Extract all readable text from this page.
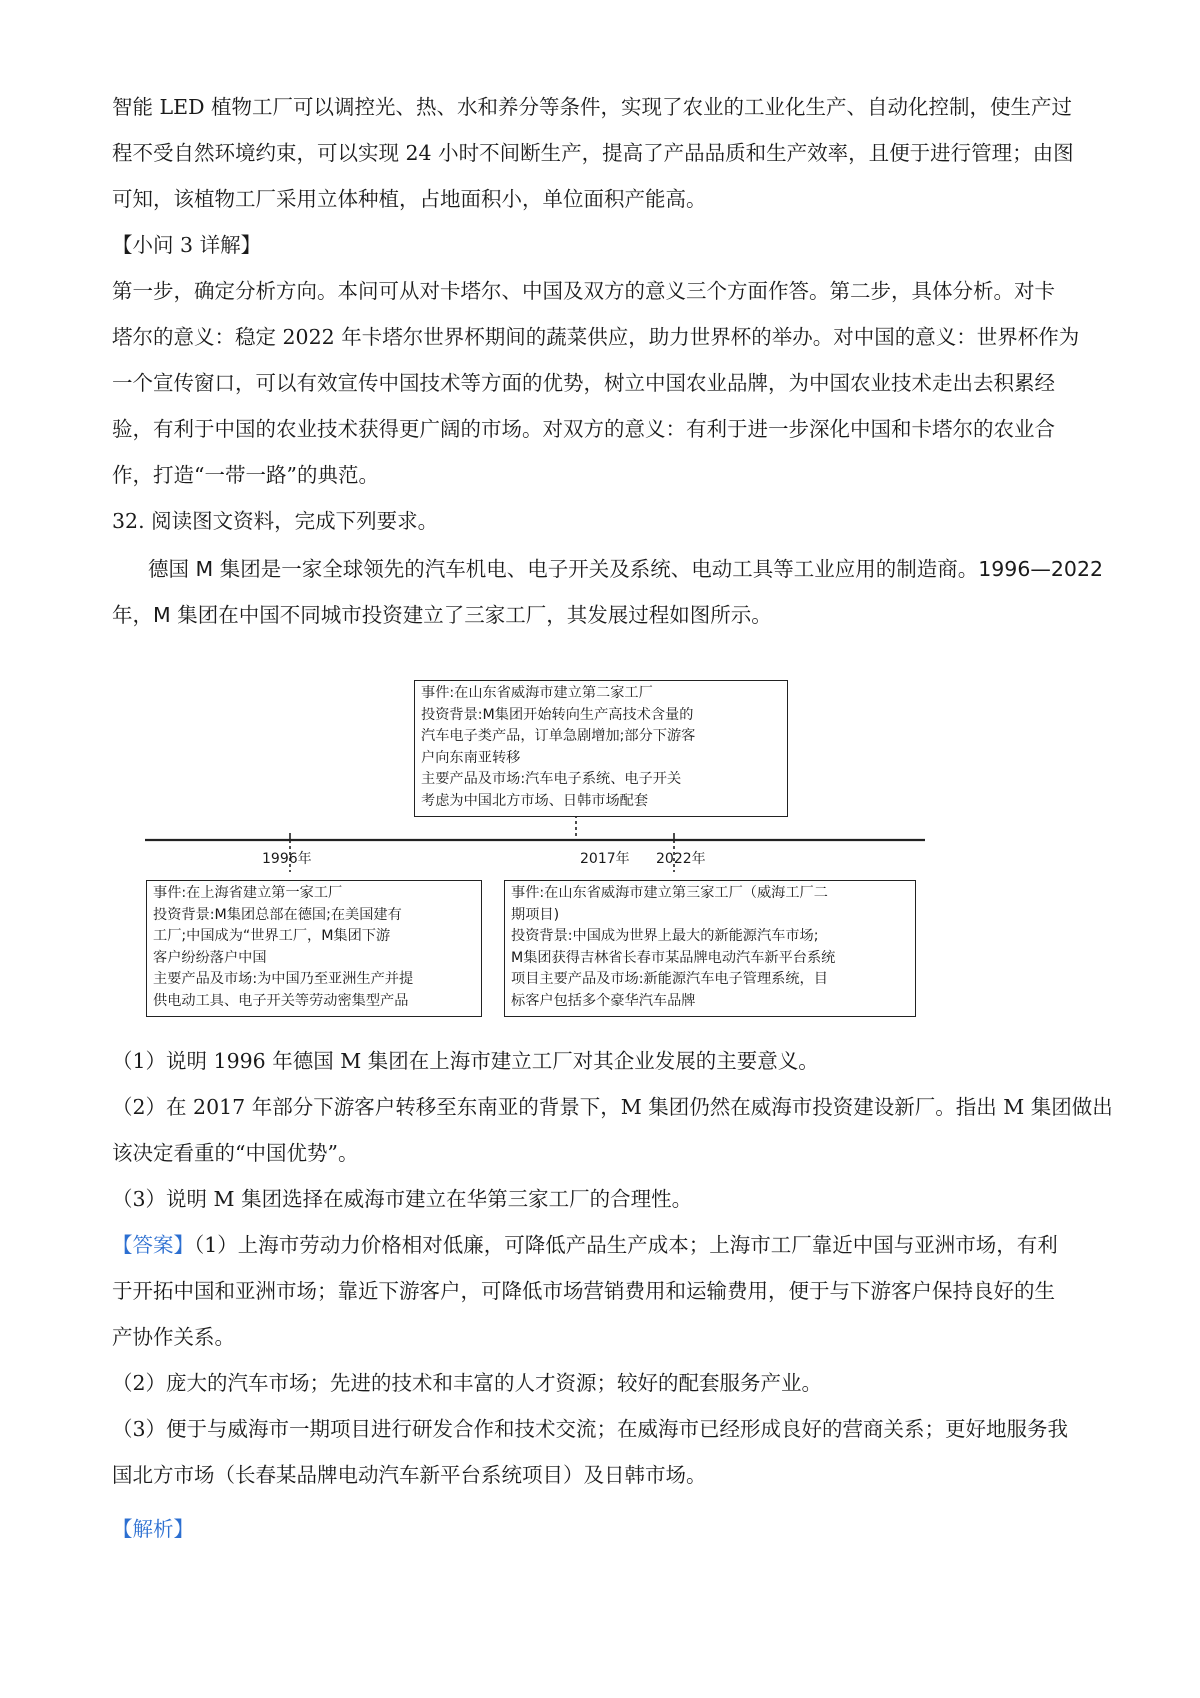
智能 LED 植物工厂可以调控光、热、水和养分等条件，实现了农业的工业化生产、自动化控制，使生产过
程不受自然环境约束，可以实现 24 小时不间断生产，提高了产品品质和生产效率，且便于进行管理；由图
可知，该植物工厂采用立体种植，占地面积小，单位面积产能高。
【小问 3 详解】
第一步，确定分析方向。本问可从对卡塔尔、中国及双方的意义三个方面作答。第二步，具体分析。对卡
塔尔的意义：稳定 2022 年卡塔尔世界杯期间的蔬菜供应，助力世界杯的举办。对中国的意义：世界杯作为
一个宣传窗口，可以有效宣传中国技术等方面的优势，树立中国农业品牌，为中国农业技术走出去积累经
验，有利于中国的农业技术获得更广阔的市场。对双方的意义：有利于进一步深化中国和卡塔尔的农业合
作，打造“一带一路”的典范。
32. 阅读图文资料，完成下列要求。
德国 M 集团是一家全球领先的汽车机电、电子开关及系统、电动工具等工业应用的制造商。1996—2022
年，M 集团在中国不同城市投资建立了三家工厂，其发展过程如图所示。
1996年	2017年 2022年
事件:在山东省威海市建立第二家工厂
投资背景:M集团开始转向生产高技术含量的
汽车电子类产品，订单急剧增加;部分下游客
户向东南亚转移
主要产品及市场:汽车电子系统、电子开关
考虑为中国北方市场、日韩市场配套
事件:在上海省建立第一家工厂
投资背景:M集团总部在德国;在美国建有
工厂;中国成为“世界工厂，M集团下游
客户纷纷落户中国
主要产品及市场:为中国乃至亚洲生产并提
供电动工具、电子开关等劳动密集型产品
事件:在山东省威海市建立第三家工厂（威海工厂二
期项目)
投资背景:中国成为世界上最大的新能源汽车市场;
M集团获得吉林省长春市某品牌电动汽车新平台系统
项目主要产品及市场:新能源汽车电子管理系统，目
标客户包括多个豪华汽车品牌
（1）说明 1996 年德国 M 集团在上海市建立工厂对其企业发展的主要意义。
（2）在 2017 年部分下游客户转移至东南亚的背景下，M 集团仍然在威海市投资建设新厂。指出 M 集团做出
该决定看重的“中国优势”。
（3）说明 M 集团选择在威海市建立在华第三家工厂的合理性。
【答案】（1）上海市劳动力价格相对低廉，可降低产品生产成本；上海市工厂靠近中国与亚洲市场，有利
于开拓中国和亚洲市场；靠近下游客户，可降低市场营销费用和运输费用，便于与下游客户保持良好的生
产协作关系。
（2）庞大的汽车市场；先进的技术和丰富的人才资源；较好的配套服务产业。
（3）便于与威海市一期项目进行研发合作和技术交流；在威海市已经形成良好的营商关系；更好地服务我
国北方市场（长春某品牌电动汽车新平台系统项目）及日韩市场。
【解析】
